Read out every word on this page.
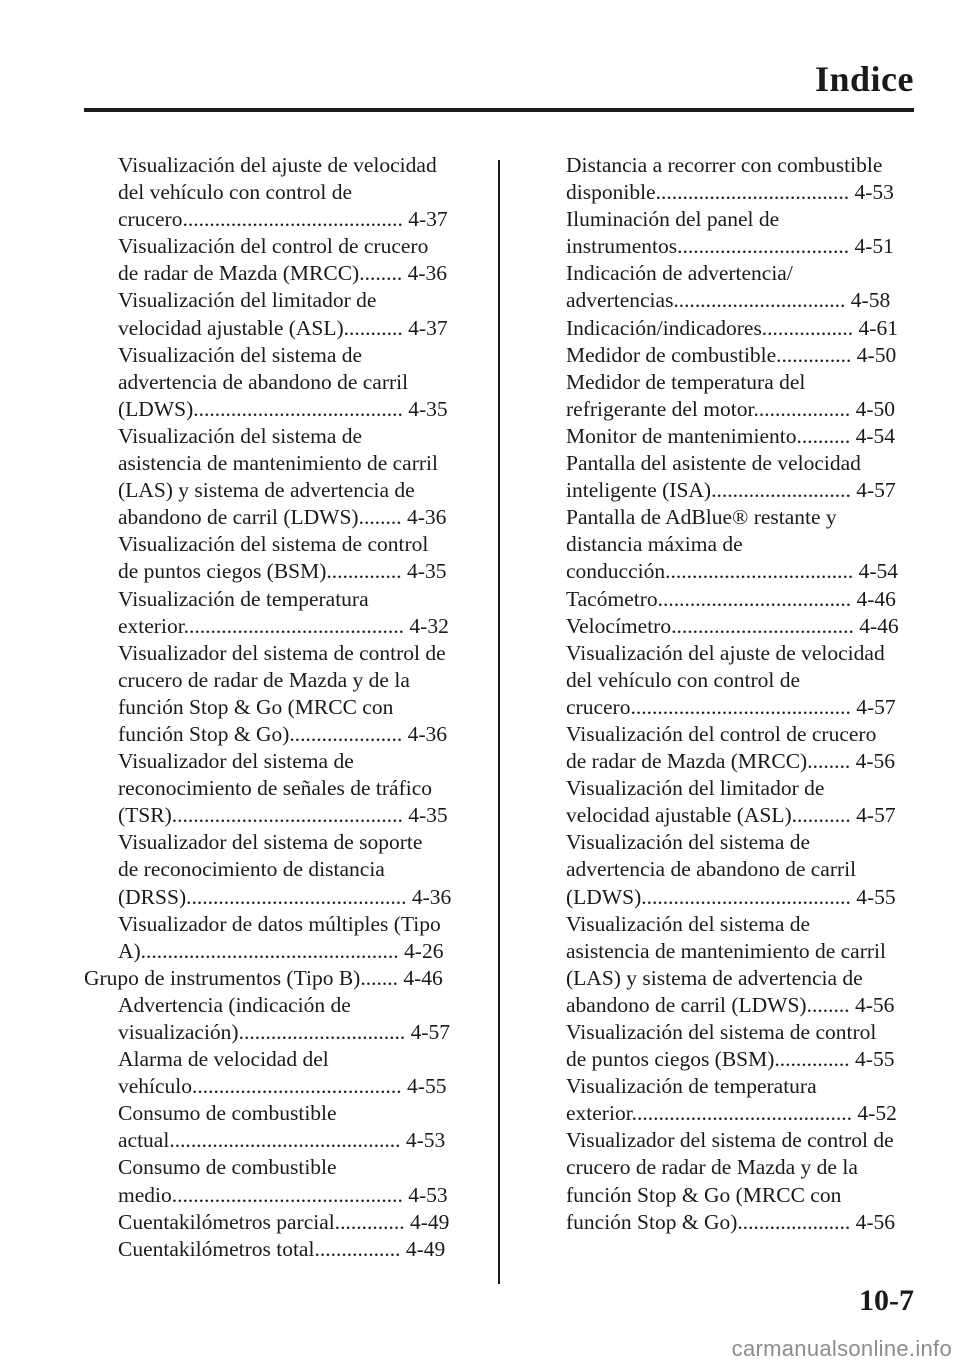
Indice
Visualización del ajuste de velocidad
del vehículo con control de
crucero......................................... 4-37
Visualización del control de crucero
de radar de Mazda (MRCC)........ 4-36
Visualización del limitador de
velocidad ajustable (ASL)........... 4-37
Visualización del sistema de
advertencia de abandono de carril
(LDWS)....................................... 4-35
Visualización del sistema de
asistencia de mantenimiento de carril
(LAS) y sistema de advertencia de
abandono de carril (LDWS)........ 4-36
Visualización del sistema de control
de puntos ciegos (BSM).............. 4-35
Visualización de temperatura
exterior......................................... 4-32
Visualizador del sistema de control de
crucero de radar de Mazda y de la
función Stop & Go (MRCC con
función Stop & Go)..................... 4-36
Visualizador del sistema de
reconocimiento de señales de tráfico
(TSR)........................................... 4-35
Visualizador del sistema de soporte
de reconocimiento de distancia
(DRSS)......................................... 4-36
Visualizador de datos múltiples (Tipo
A)................................................ 4-26
Grupo de instrumentos (Tipo B)....... 4-46
Advertencia (indicación de
visualización)............................... 4-57
Alarma de velocidad del
vehículo....................................... 4-55
Consumo de combustible
actual........................................... 4-53
Consumo de combustible
medio........................................... 4-53
Cuentakilómetros parcial............. 4-49
Cuentakilómetros total................ 4-49
Distancia a recorrer con combustible
disponible.................................... 4-53
Iluminación del panel de
instrumentos................................ 4-51
Indicación de advertencia/
advertencias................................ 4-58
Indicación/indicadores................. 4-61
Medidor de combustible.............. 4-50
Medidor de temperatura del
refrigerante del motor.................. 4-50
Monitor de mantenimiento.......... 4-54
Pantalla del asistente de velocidad
inteligente (ISA).......................... 4-57
Pantalla de AdBlue® restante y
distancia máxima de
conducción................................... 4-54
Tacómetro.................................... 4-46
Velocímetro.................................. 4-46
Visualización del ajuste de velocidad
del vehículo con control de
crucero......................................... 4-57
Visualización del control de crucero
de radar de Mazda (MRCC)........ 4-56
Visualización del limitador de
velocidad ajustable (ASL)........... 4-57
Visualización del sistema de
advertencia de abandono de carril
(LDWS)....................................... 4-55
Visualización del sistema de
asistencia de mantenimiento de carril
(LAS) y sistema de advertencia de
abandono de carril (LDWS)........ 4-56
Visualización del sistema de control
de puntos ciegos (BSM).............. 4-55
Visualización de temperatura
exterior......................................... 4-52
Visualizador del sistema de control de
crucero de radar de Mazda y de la
función Stop & Go (MRCC con
función Stop & Go)..................... 4-56
10-7
carmanualsonline.info
